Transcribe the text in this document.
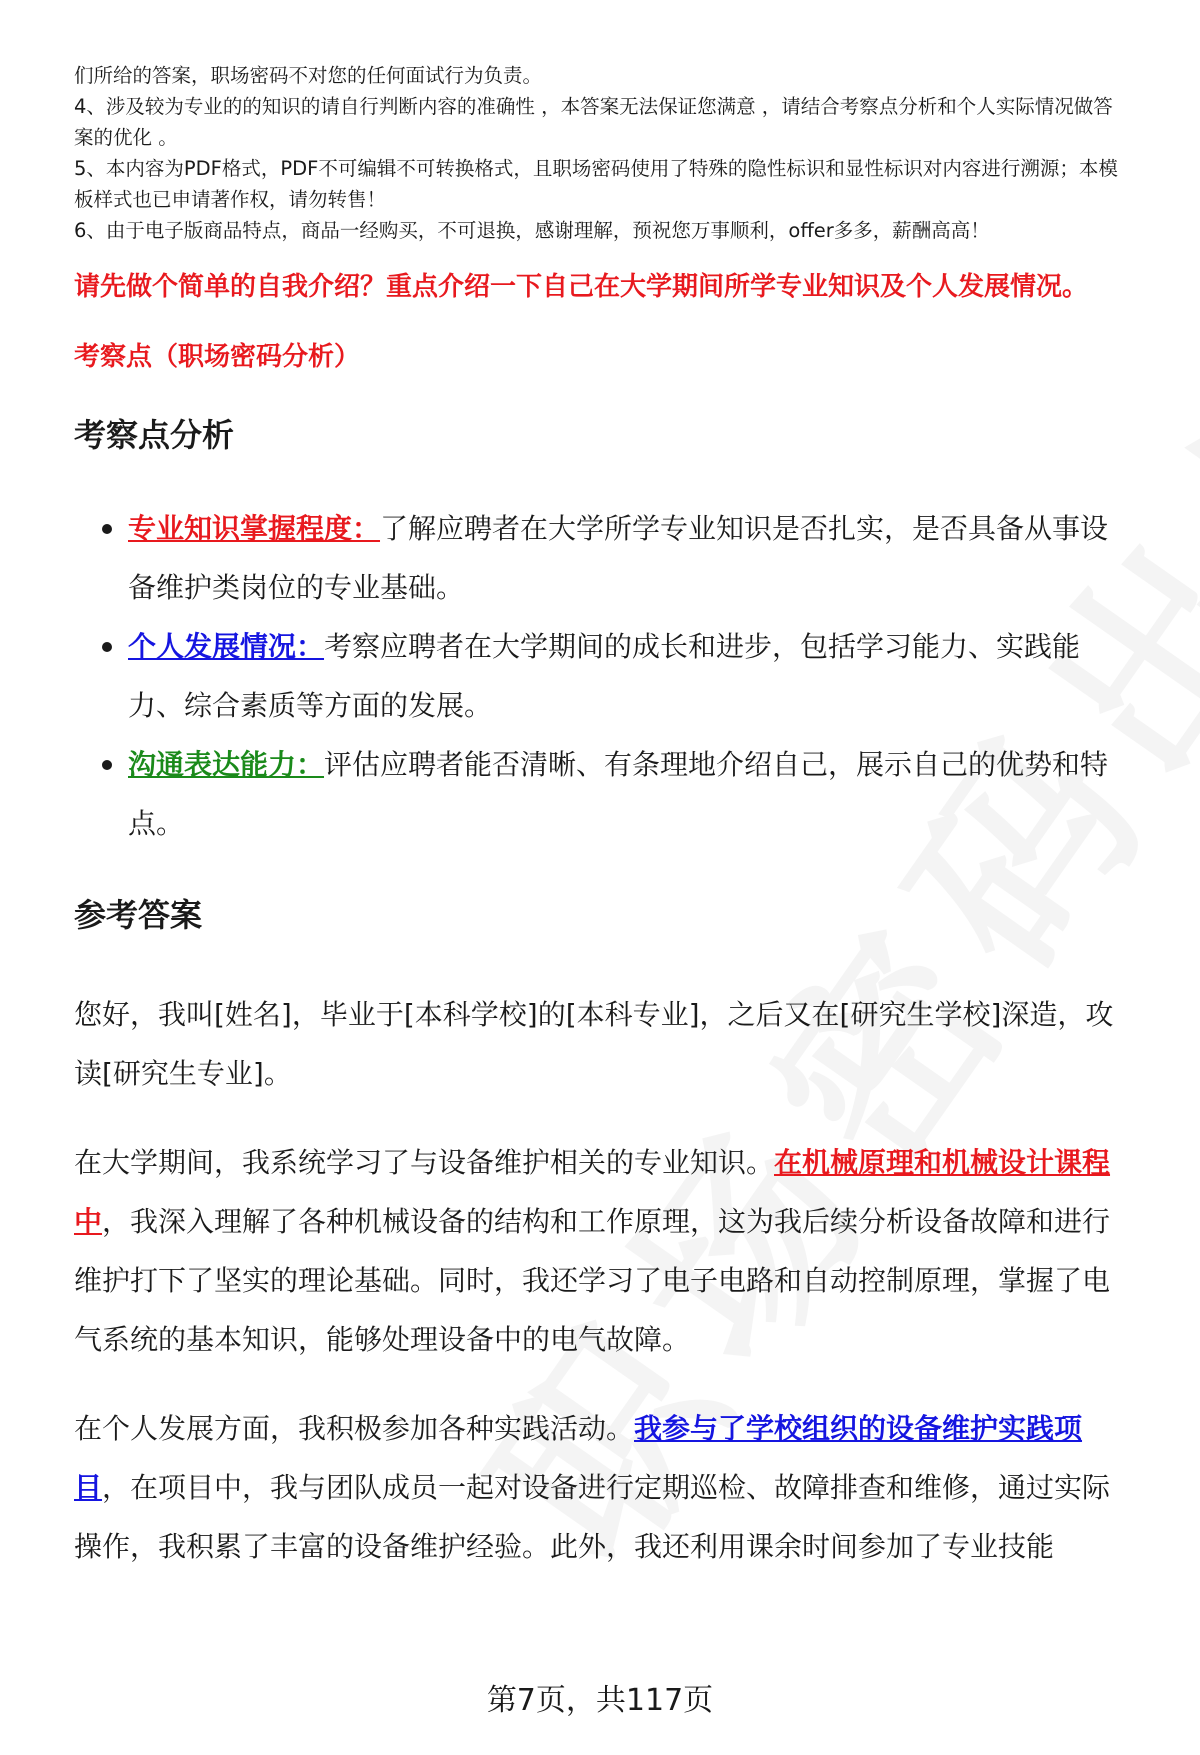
们所给的答案，职场密码不对您的任何面试行为负责。

4、涉及较为专业的的知识的请自行判断内容的准确性 ，本答案无法保证您满意 ，请结合考察点分析和个人实际情况做答案的优化 。

5、本内容为PDF格式，PDF不可编辑不可转换格式，且职场密码使用了特殊的隐性标识和显性标识对内容进行溯源；本模板样式也已申请著作权，请勿转售！

6、由于电子版商品特点，商品一经购买，不可退换，感谢理解，预祝您万事顺利，offer多多，薪酬高高！

请先做个简单的自我介绍？重点介绍一下自己在大学期间所学专业知识及个人发展情况。
考察点（职场密码分析）
考察点分析
专业知识掌握程度：了解应聘者在大学所学专业知识是否扎实，是否具备从事设备维护类岗位的专业基础。
个人发展情况：考察应聘者在大学期间的成长和进步，包括学习能力、实践能力、综合素质等方面的发展。
沟通表达能力：评估应聘者能否清晰、有条理地介绍自己，展示自己的优势和特点。
参考答案

您好，我叫[姓名]，毕业于[本科学校]的[本科专业]，之后又在[研究生学校]深造，攻读[研究生专业]。

在大学期间，我系统学习了与设备维护相关的专业知识。在机械原理和机械设计课程中，我深入理解了各种机械设备的结构和工作原理，这为我后续分析设备故障和进行维护打下了坚实的理论基础。同时，我还学习了电子电路和自动控制原理，掌握了电气系统的基本知识，能够处理设备中的电气故障。

在个人发展方面，我积极参加各种实践活动。我参与了学校组织的设备维护实践项目，在项目中，我与团队成员一起对设备进行定期巡检、故障排查和维修，通过实际操作，我积累了丰富的设备维护经验。此外，我还利用课余时间参加了专业技能

第7页，共117页
